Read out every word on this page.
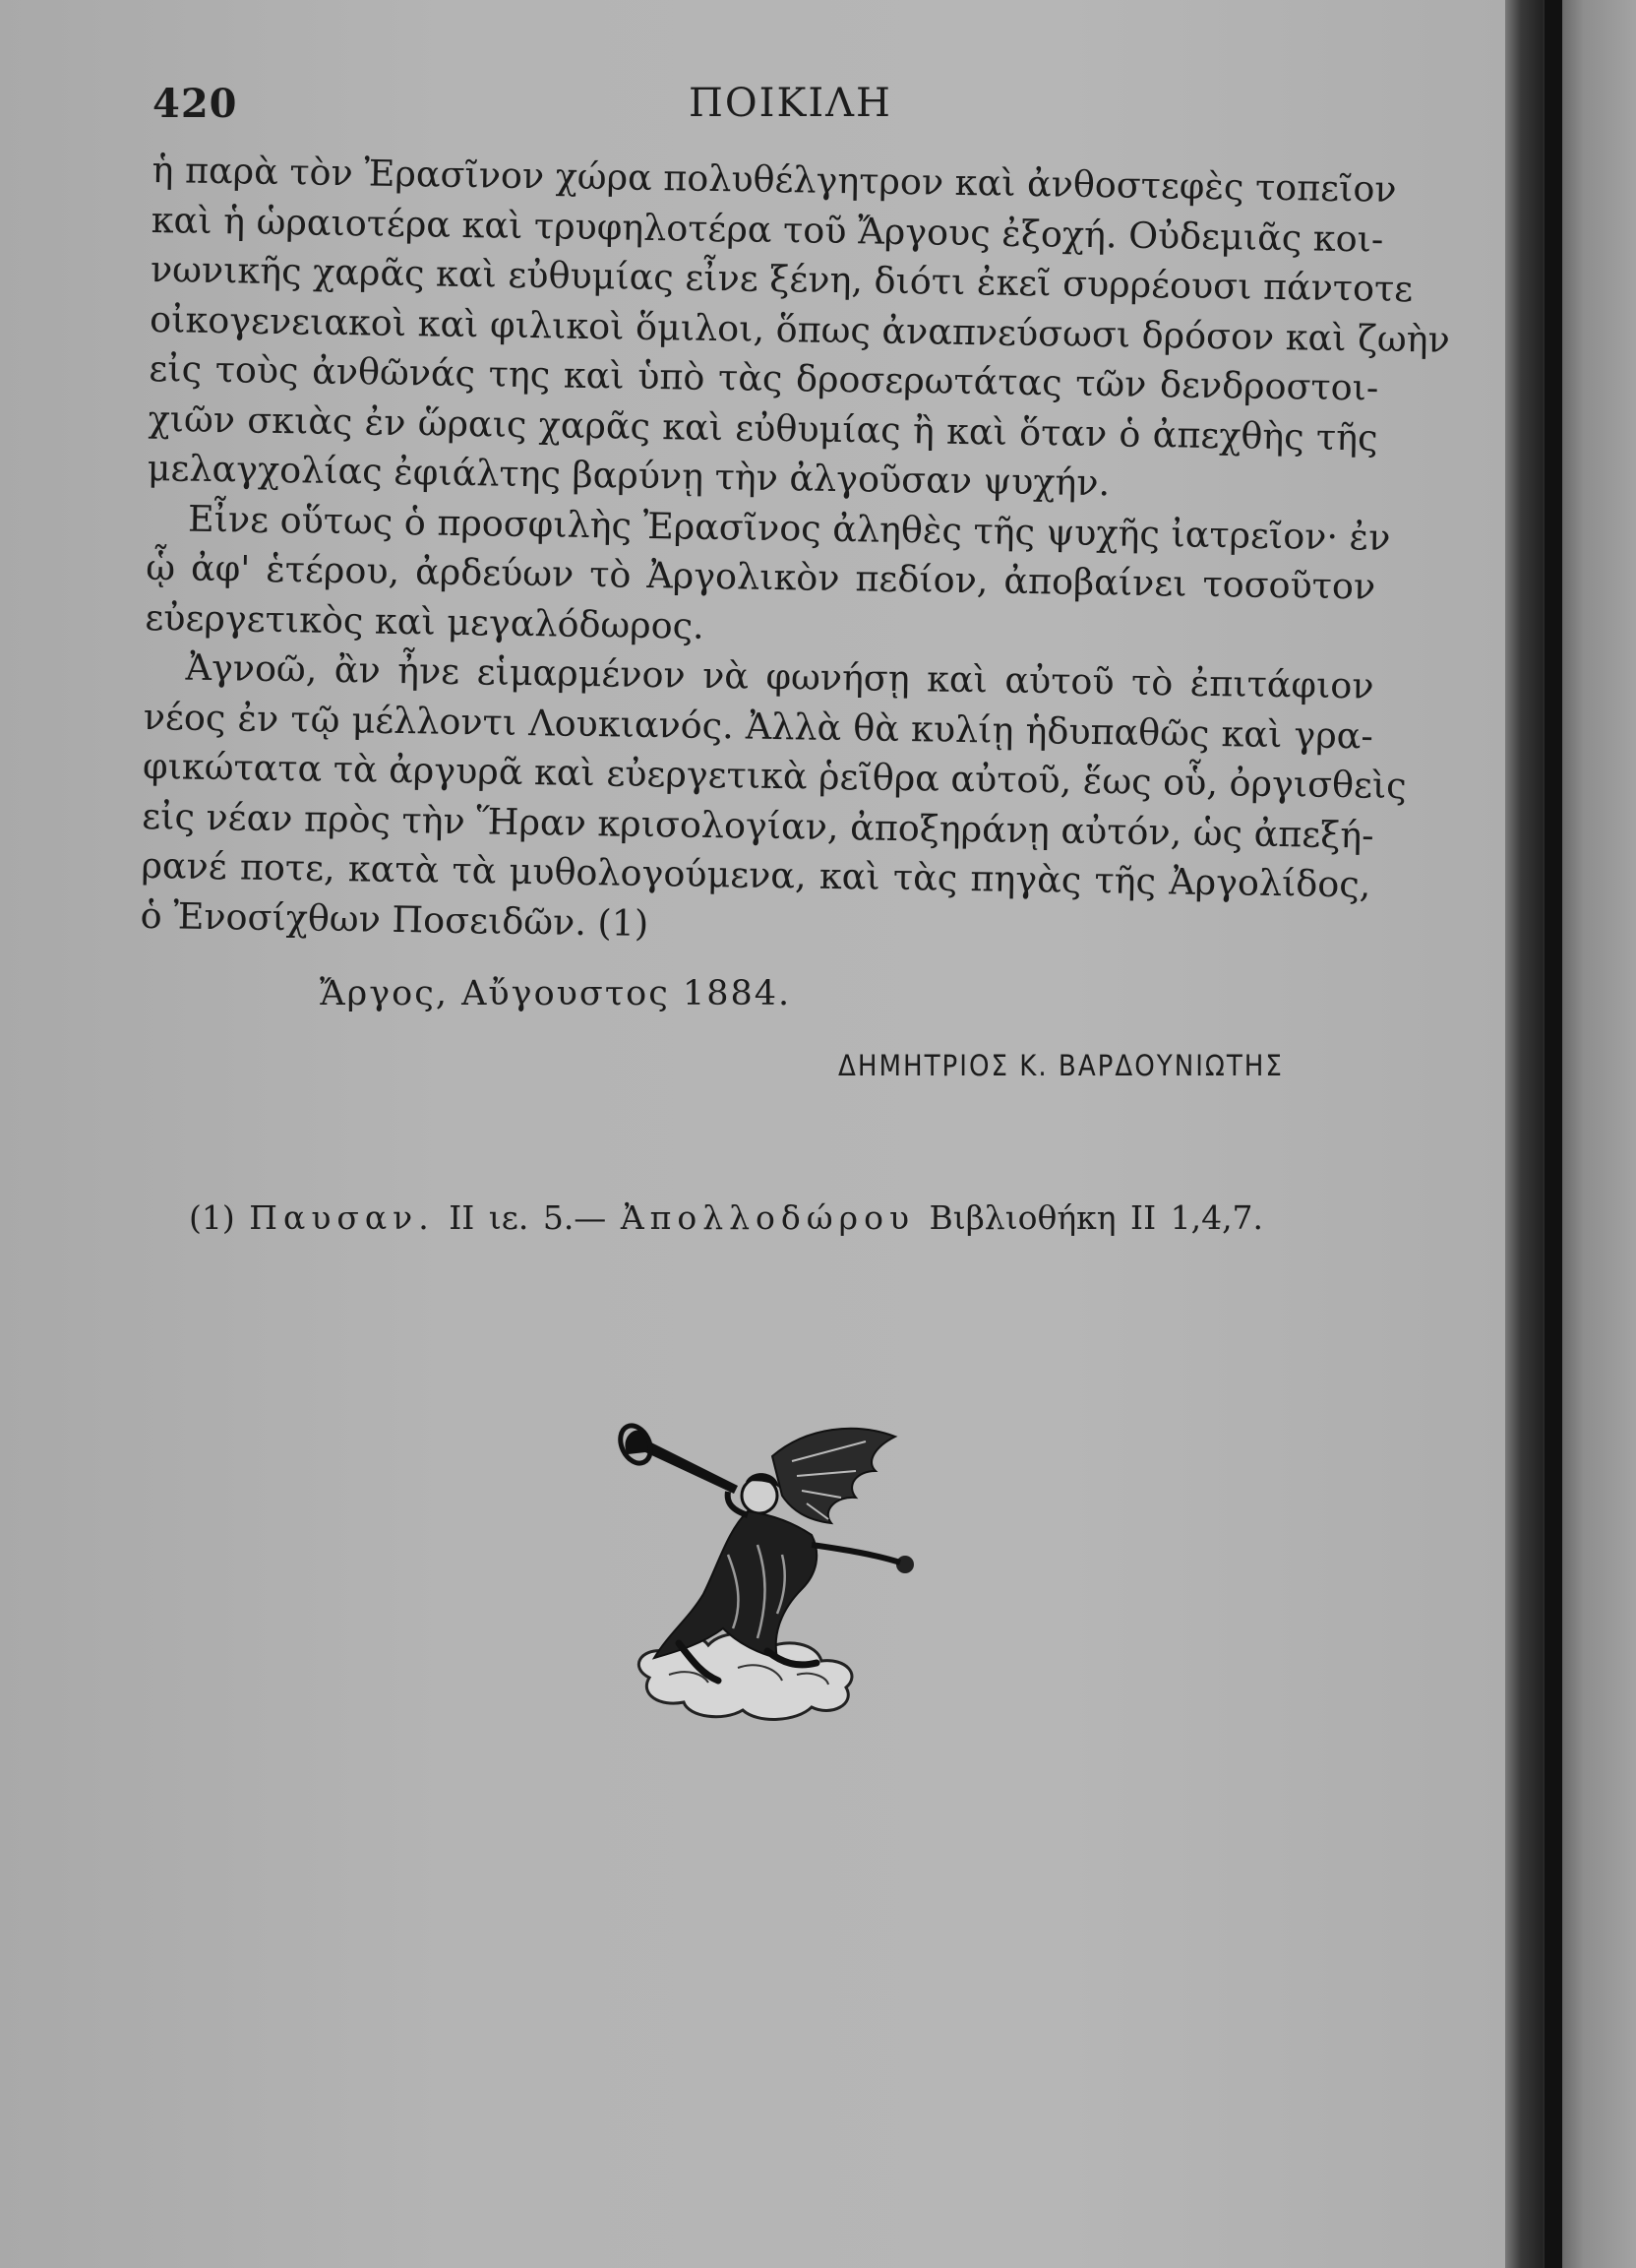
420	ΠΟΙΚΙΛΗ
ἡ παρὰ τὸν Ἐρασῖνον χώρα πολυθέλγητρον καὶ ἀνθοστεφὲς τοπεῖον
καὶ ἡ ὡραιοτέρα καὶ τρυφηλοτέρα τοῦ Ἄργους ἐξοχή. Οὐδεμιᾶς κοι-
νωνικῆς χαρᾶς καὶ εὐθυμίας εἶνε ξένη, διότι ἐκεῖ συρρέουσι πάντοτε
οἰκογενειακοὶ καὶ φιλικοὶ ὅμιλοι, ὅπως ἀναπνεύσωσι δρόσον καὶ ζωὴν
εἰς τοὺς ἀνθῶνάς της καὶ ὑπὸ τὰς δροσερωτάτας τῶν δενδροστοι-
χιῶν σκιὰς ἐν ὥραις χαρᾶς καὶ εὐθυμίας ἢ καὶ ὅταν ὁ ἀπεχθὴς τῆς
μελαγχολίας ἐφιάλτης βαρύνῃ τὴν ἀλγοῦσαν ψυχήν.
Εἶνε οὕτως ὁ προσφιλὴς Ἐρασῖνος ἀληθὲς τῆς ψυχῆς ἰατρεῖον· ἐν
ᾧ ἀφ' ἑτέρου, ἀρδεύων τὸ Ἀργολικὸν πεδίον, ἀποβαίνει τοσοῦτον
εὐεργετικὸς καὶ μεγαλόδωρος.
Ἀγνοῶ, ἂν ἦνε εἱμαρμένον νὰ φωνήσῃ καὶ αὐτοῦ τὸ ἐπιτάφιον
νέος ἐν τῷ μέλλοντι Λουκιανός. Ἀλλὰ θὰ κυλίῃ ἡδυπαθῶς καὶ γρα-
φικώτατα τὰ ἀργυρᾶ καὶ εὐεργετικὰ ῥεῖθρα αὐτοῦ, ἕως οὗ, ὀργισθεὶς
εἰς νέαν πρὸς τὴν Ἥραν κρισολογίαν, ἀποξηράνῃ αὐτόν, ὡς ἀπεξή-
ρανέ ποτε, κατὰ τὰ μυθολογούμενα, καὶ τὰς πηγὰς τῆς Ἀργολίδος,
ὁ Ἐνοσίχθων Ποσειδῶν. (1)
Ἄργος, Αὔγουστος 1884.
ΔΗΜΗΤΡΙΟΣ Κ. ΒΑΡΔΟΥΝΙΩΤΗΣ
(1) Παυσαν. ΙΙ ιε. 5.— Ἀπολλοδώρου Βιβλιοθήκη ΙΙ 1,4,7.
